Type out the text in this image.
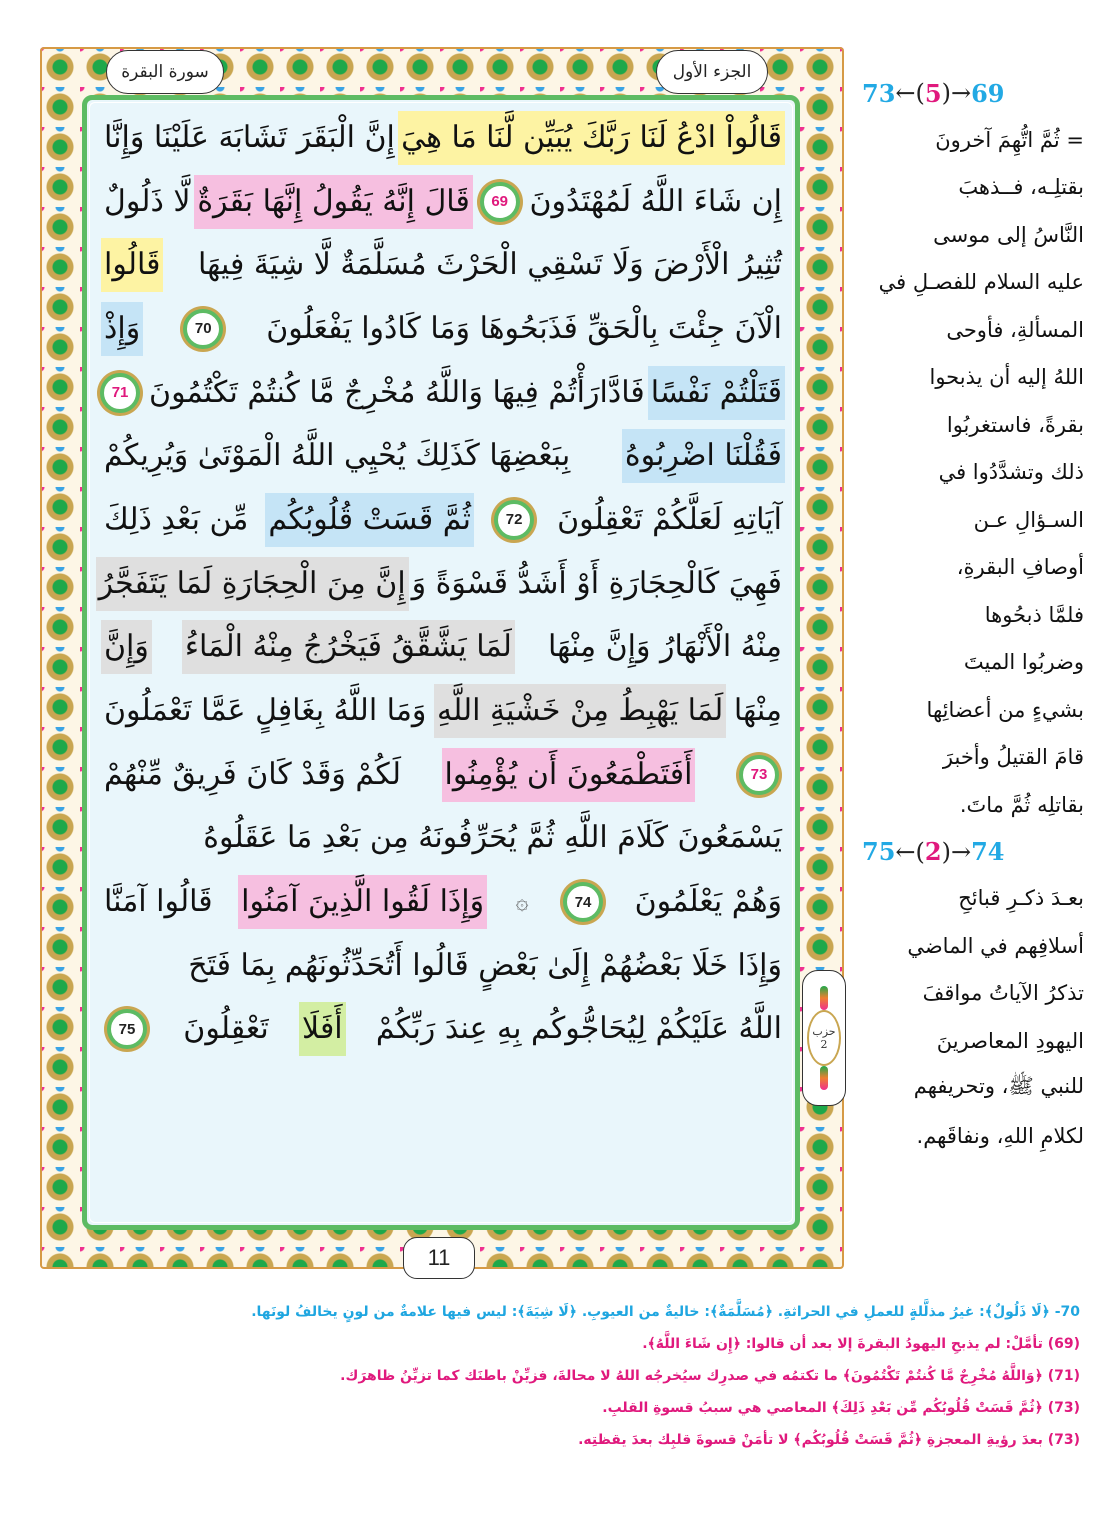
الجزء الأول
سورة البقرة
قَالُواْ ادْعُ لَنَا رَبَّكَ يُبَيِّن لَّنَا مَا هِيَ
إِنَّ الْبَقَرَ تَشَابَهَ عَلَيْنَا وَإِنَّا
إِن شَاءَ اللَّهُ لَمُهْتَدُونَ
69
قَالَ إِنَّهُ يَقُولُ إِنَّهَا بَقَرَةٌ
لَّا ذَلُولٌ
تُثِيرُ الْأَرْضَ وَلَا تَسْقِي الْحَرْثَ مُسَلَّمَةٌ لَّا شِيَةَ فِيهَا
قَالُوا
الْآنَ جِئْتَ بِالْحَقِّ فَذَبَحُوهَا وَمَا كَادُوا يَفْعَلُونَ
70
وَإِذْ
قَتَلْتُمْ نَفْسًا
فَادَّارَأْتُمْ فِيهَا وَاللَّهُ مُخْرِجٌ مَّا كُنتُمْ تَكْتُمُونَ
71
فَقُلْنَا اضْرِبُوهُ
بِبَعْضِهَا كَذَلِكَ يُحْيِي اللَّهُ الْمَوْتَىٰ وَيُرِيكُمْ
آيَاتِهِ لَعَلَّكُمْ تَعْقِلُونَ
72
ثُمَّ قَسَتْ قُلُوبُكُم
مِّن بَعْدِ ذَلِكَ
فَهِيَ كَالْحِجَارَةِ أَوْ أَشَدُّ قَسْوَةً وَ
إِنَّ مِنَ الْحِجَارَةِ لَمَا يَتَفَجَّرُ
مِنْهُ الْأَنْهَارُ وَإِنَّ مِنْهَا
لَمَا يَشَّقَّقُ فَيَخْرُجُ مِنْهُ الْمَاءُ
وَإِنَّ
مِنْهَا
لَمَا يَهْبِطُ مِنْ خَشْيَةِ اللَّهِ
وَمَا اللَّهُ بِغَافِلٍ عَمَّا تَعْمَلُونَ
73
أَفَتَطْمَعُونَ أَن يُؤْمِنُوا
لَكُمْ وَقَدْ كَانَ فَرِيقٌ مِّنْهُمْ
يَسْمَعُونَ كَلَامَ اللَّهِ ثُمَّ يُحَرِّفُونَهُ مِن بَعْدِ مَا عَقَلُوهُ
وَهُمْ يَعْلَمُونَ
74
۞
وَإِذَا لَقُوا الَّذِينَ آمَنُوا
قَالُوا آمَنَّا
وَإِذَا خَلَا بَعْضُهُمْ إِلَىٰ بَعْضٍ قَالُوا أَتُحَدِّثُونَهُم بِمَا فَتَحَ
اللَّهُ عَلَيْكُمْ لِيُحَاجُّوكُم بِهِ عِندَ رَبِّكُمْ
أَفَلَا
تَعْقِلُونَ
75
11
حزب
2
73 ← ( 5 ) → 69
= ثُمَّ اتُّهِمَ آخرونَ
بقتلِـه، فــذهبَ
النَّاسُ إلى موسى
عليه السلام للفصـلِ في
المسألةِ، فأوحى
اللهُ إليه أن يذبحوا
بقرةً، فاستغربُوا
ذلك وتشدَّدُوا في
السـؤالِ عـن
أوصافِ البقرةِ،
فلمَّا ذبحُوها
وضربُوا الميتَ
بشيءٍ من أعضائِها
قامَ القتيلُ وأخبرَ
بقاتلِه ثُمَّ ماتَ.
75 ← ( 2 ) → 74
بعـدَ ذكـرِ قبائحِ
أسلافِهم في الماضي
تذكرُ الآياتُ مواقفَ
اليهودِ المعاصرينَ
للنبي ﷺ، وتحريفهم
لكلامِ اللهِ، ونفاقَهم.
70- ﴿لَا ذَلُولٌ﴾: غيرُ مذلَّلةٍ للعملِ في الحراثةِ. ﴿مُسَلَّمَةٌ﴾: خاليةٌ من العيوبِ. ﴿لَا شِيَةَ﴾: ليس فيها علامةٌ من لونٍ يخالفُ لونَها.
(69) تأمَّلْ: لم يذبحِ اليهودُ البقرةَ إلا بعد أن قالوا: ﴿إِن شَاءَ اللَّهُ﴾.
(71) ﴿وَاللَّهُ مُخْرِجٌ مَّا كُنتُمْ تَكْتُمُونَ﴾ ما تكتمُه في صدرِك سيُخرجُه اللهُ لا محالةَ، فزيِّنْ باطنَك كما تزيِّنُ ظاهرَك.
(73) ﴿ثُمَّ قَسَتْ قُلُوبُكُم مِّن بَعْدِ ذَلِكَ﴾ المعاصي هي سببُ قسوةِ القلبِ.
(73) بعدَ رؤيةِ المعجزةِ ﴿ثُمَّ قَسَتْ قُلُوبُكُم﴾ لا تأمَنْ قسوةَ قلبِك بعدَ يقظتِه.
